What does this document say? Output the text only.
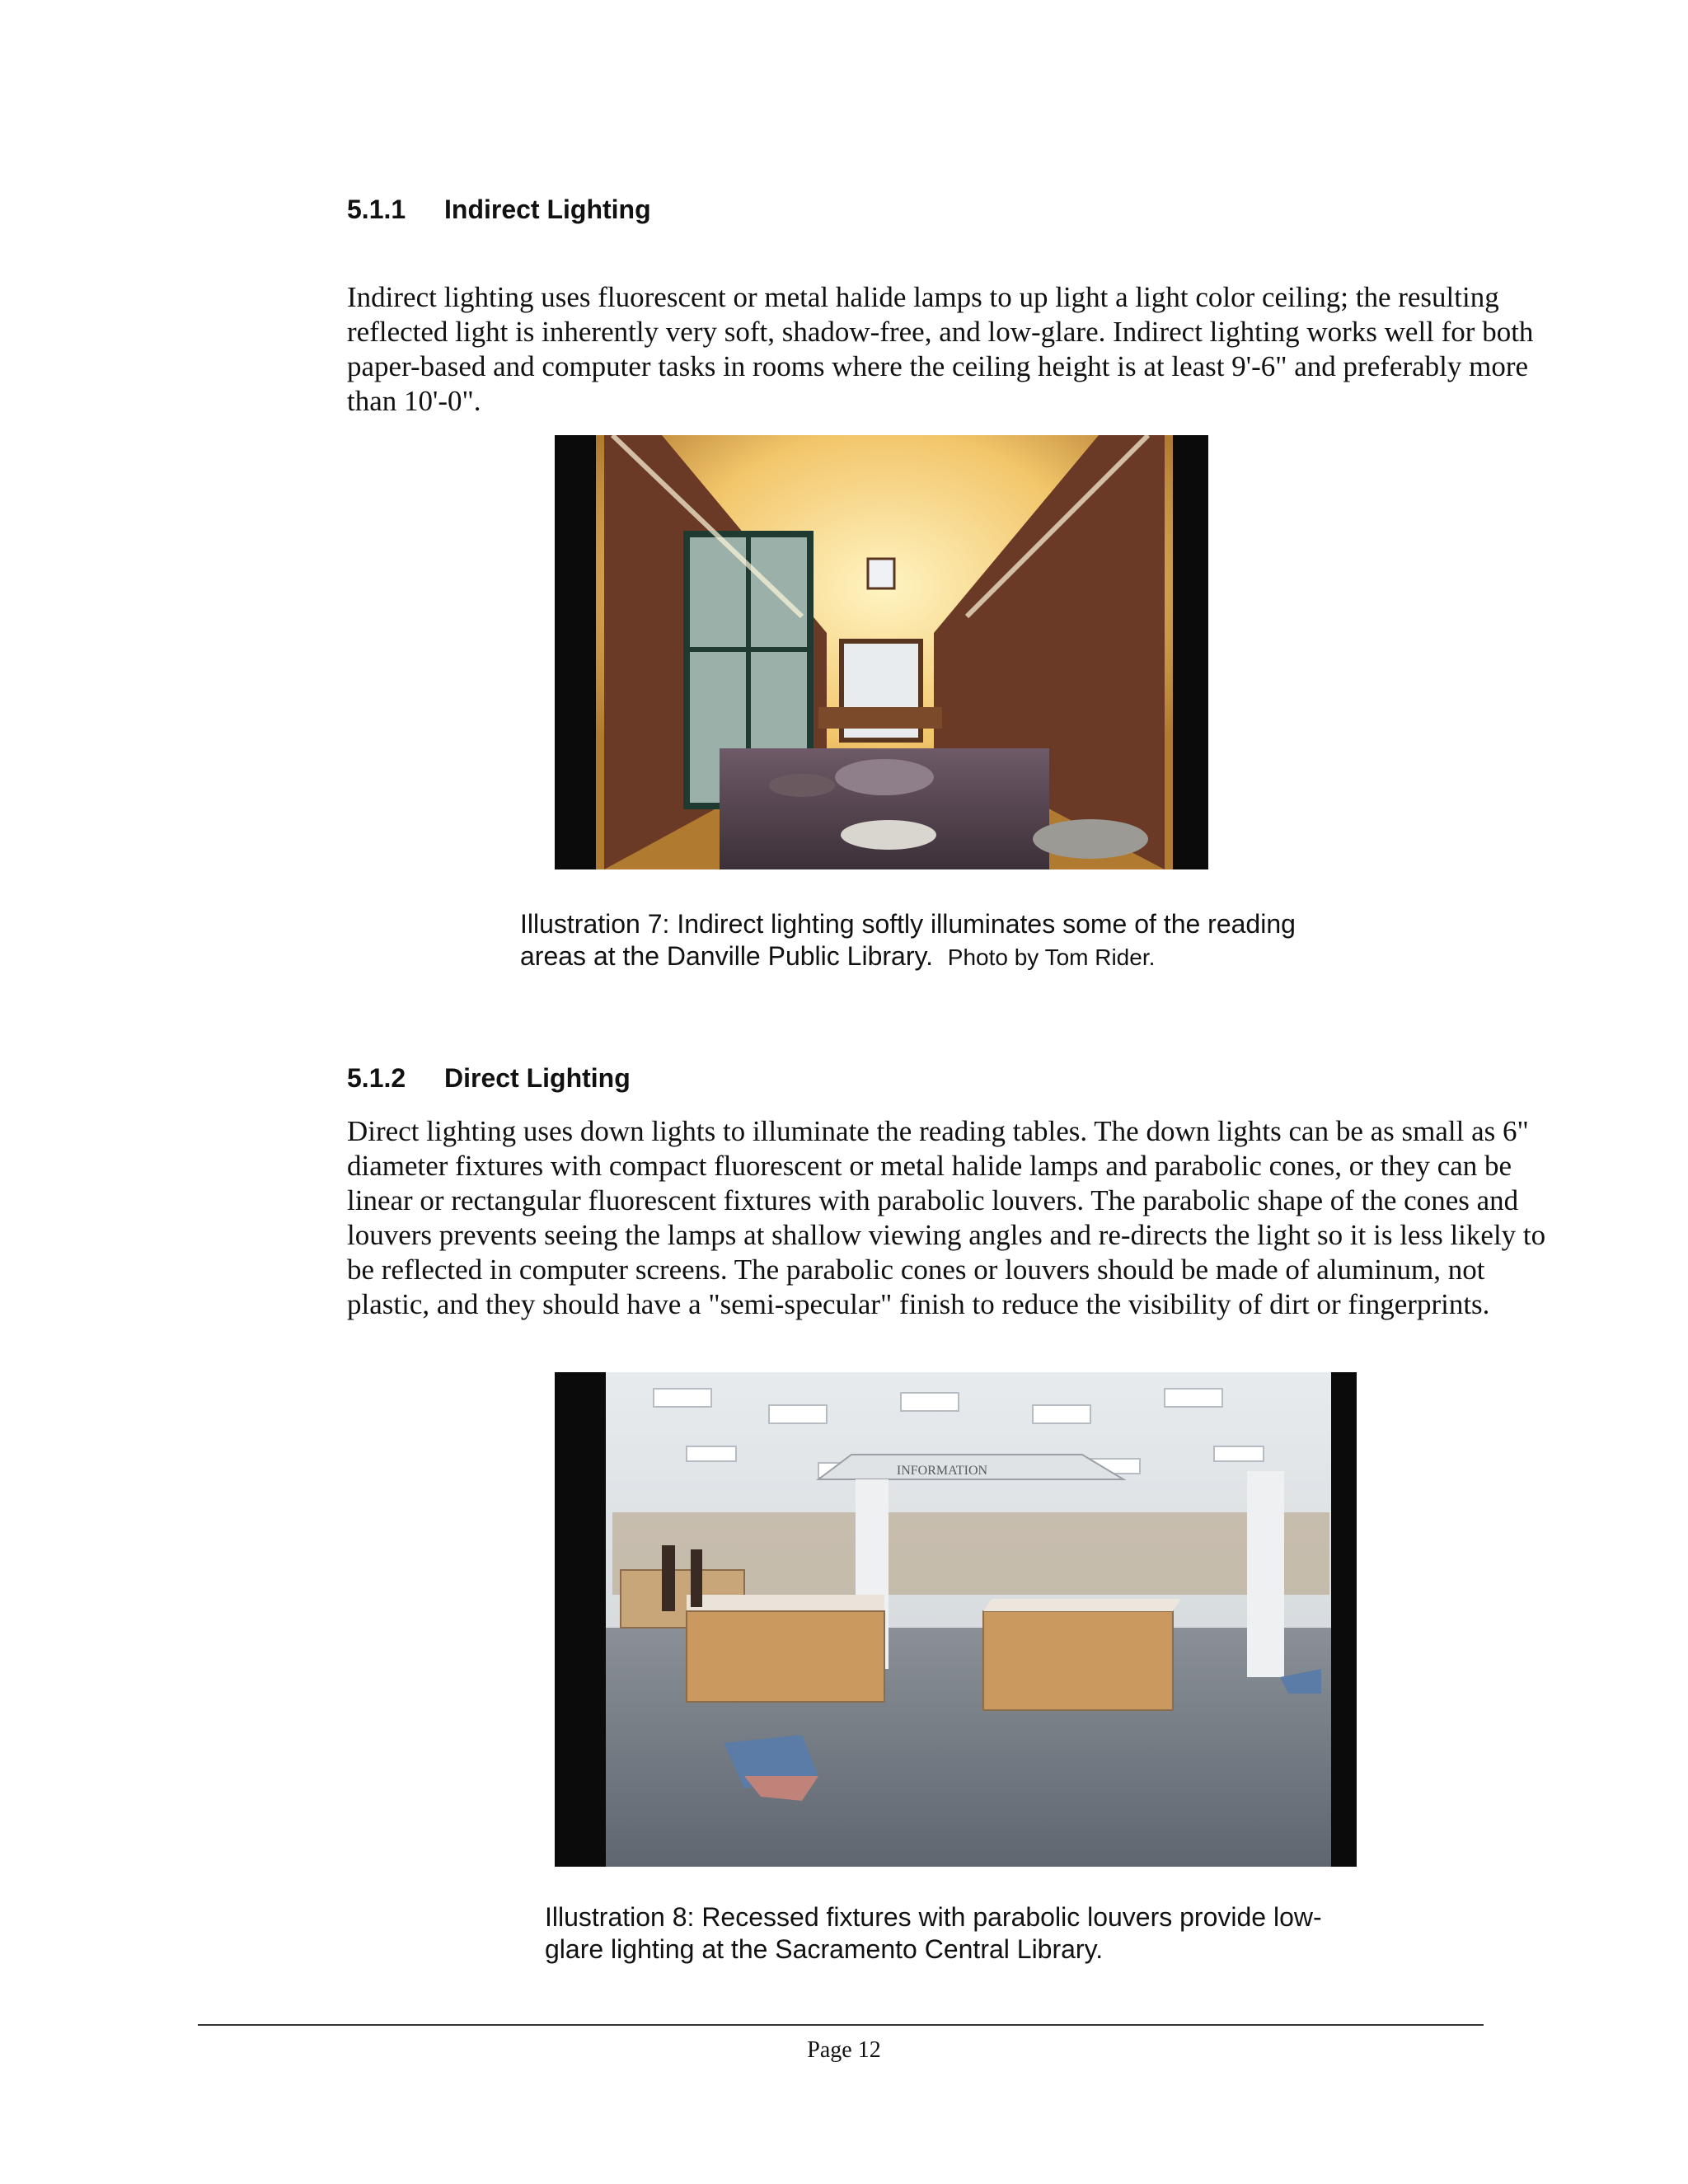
5.1.1 Indirect Lighting

Indirect lighting uses fluorescent or metal halide lamps to up light a light color ceiling; the resulting reflected light is inherently very soft, shadow-free, and low-glare. Indirect lighting works well for both paper-based and computer tasks in rooms where the ceiling height is at least 9'-6" and preferably more than 10'-0".

Illustration 7: Indirect lighting softly illuminates some of the reading areas at the Danville Public Library. Photo by Tom Rider.

5.1.2 Direct Lighting

Direct lighting uses down lights to illuminate the reading tables. The down lights can be as small as 6" diameter fixtures with compact fluorescent or metal halide lamps and parabolic cones, or they can be linear or rectangular fluorescent fixtures with parabolic louvers. The parabolic shape of the cones and louvers prevents seeing the lamps at shallow viewing angles and re-directs the light so it is less likely to be reflected in computer screens. The parabolic cones or louvers should be made of aluminum, not plastic, and they should have a "semi-specular" finish to reduce the visibility of dirt or fingerprints.

INFORMATION

Illustration 8: Recessed fixtures with parabolic louvers provide low-glare lighting at the Sacramento Central Library.

Page 12
